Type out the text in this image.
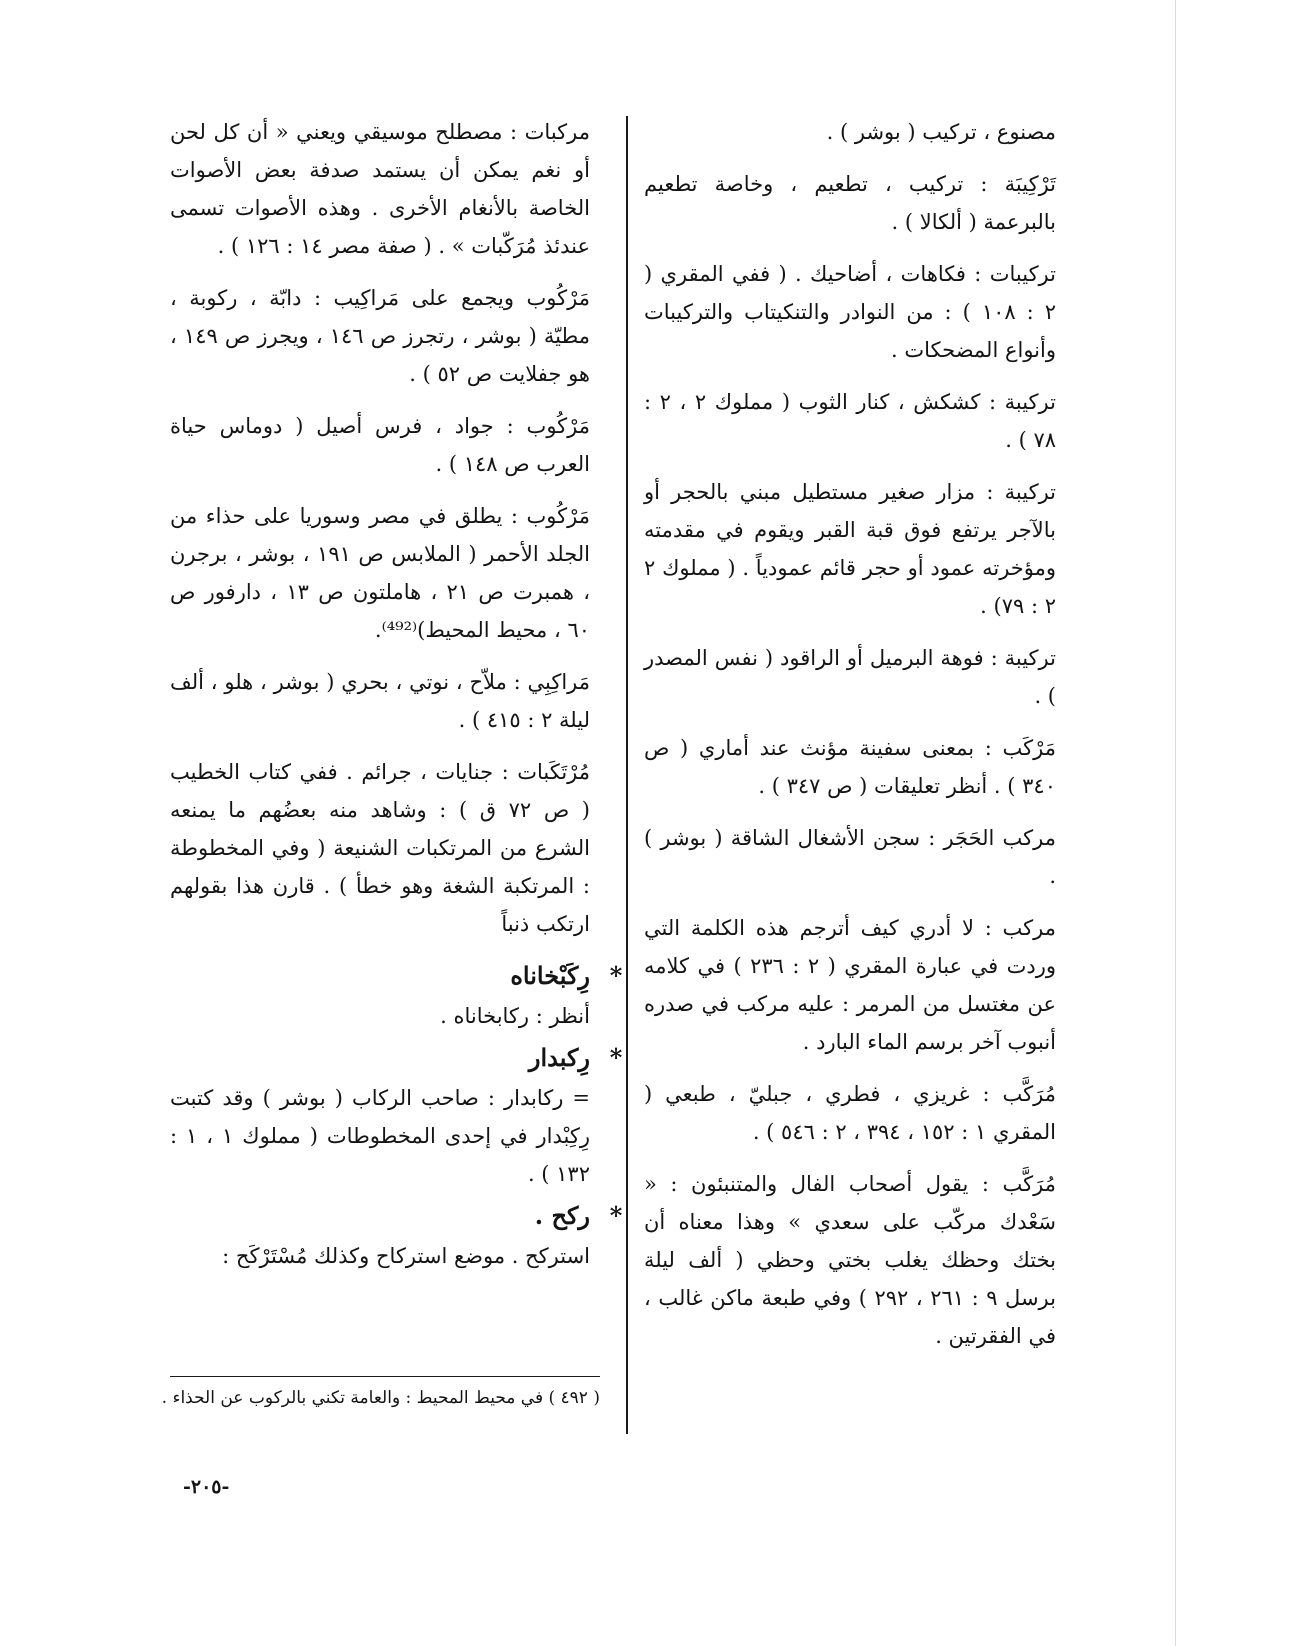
مصنوع ، تركيب ( بوشر ) .

تَرْكِيبَة : تركيب ، تطعيم ، وخاصة تطعيم بالبرعمة ( ألكالا ) .

تركيبات : فكاهات ، أضاحيك . ( ففي المقري ( ٢ : ١٠٨ ) : من النوادر والتنكيتاب والتركيبات وأنواع المضحكات .

تركيبة : كشكش ، كنار الثوب ( مملوك ٢ ، ٢ : ٧٨ ) .

تركيبة : مزار صغير مستطيل مبني بالحجر أو بالآجر يرتفع فوق قبة القبر ويقوم في مقدمته ومؤخرته عمود أو حجر قائم عمودياً . ( مملوك ٢ ٢ : ٧٩) .

تركيبة : فوهة البرميل أو الراقود ( نفس المصدر ) .

مَرْكَب : بمعنى سفينة مؤنث عند أماري ( ص ٣٤٠ ) . أنظر تعليقات ( ص ٣٤٧ ) .

مركب الحَجَر : سجن الأشغال الشاقة ( بوشر ) .

مركب : لا أدري كيف أترجم هذه الكلمة التي وردت في عبارة المقري ( ٢ : ٢٣٦ ) في كلامه عن مغتسل من المرمر : عليه مركب في صدره أنبوب آخر برسم الماء البارد .

مُرَكَّب : غريزي ، فطري ، جبليّ ، طبعي ( المقري ١ : ١٥٢ ، ٣٩٤ ، ٢ : ٥٤٦ ) .

مُرَكَّب : يقول أصحاب الفال والمتنبئون : « سَعْدك مركّب على سعدي » وهذا معناه أن بختك وحظك يغلب بختي وحظي ( ألف ليلة برسل ٩ : ٢٦١ ، ٢٩٢ ) وفي طبعة ماكن غالب ، في الفقرتين .

مركبات : مصطلح موسيقي ويعني « أن كل لحن أو نغم يمكن أن يستمد صدفة بعض الأصوات الخاصة بالأنغام الأخرى . وهذه الأصوات تسمى عندئذ مُرَكّبات » . ( صفة مصر ١٤ : ١٢٦ ) .

مَرْكُوب ويجمع على مَراكِيب : دابّة ، ركوبة ، مطيّة ( بوشر ، رتجرز ص ١٤٦ ، ويجرز ص ١٤٩ ، هو جفلايت ص ٥٢ ) .

مَرْكُوب : جواد ، فرس أصيل ( دوماس حياة العرب ص ١٤٨ ) .

مَرْكُوب : يطلق في مصر وسوريا على حذاء من الجلد الأحمر ( الملابس ص ١٩١ ، بوشر ، برجرن ، همبرت ص ٢١ ، هاملتون ص ١٣ ، دارفور ص ٦٠ ، محيط المحيط)⁽⁴⁹²⁾.

مَراكِبِي : ملاّح ، نوتي ، بحري ( بوشر ، هلو ، ألف ليلة ٢ : ٤١٥ ) .

مُرْتَكَبات : جنايات ، جرائم . ففي كتاب الخطيب ( ص ٧٢ ق ) : وشاهد منه بعضُهم ما يمنعه الشرع من المرتكبات الشنيعة ( وفي المخطوطة : المرتكبة الشغة وهو خطأ ) . قارن هذا بقولهم ارتكب ذنباً

*
رِكَبْخاناه

أنظر : ركابخاناه .

*
رِكبدار

= ركابدار : صاحب الركاب ( بوشر ) وقد كتبت رِكِبْدار في إحدى المخطوطات ( مملوك ١ ، ١ : ١٣٢ ) .

*
ركح .

استركح . موضع استركاح وكذلك مُسْتَرْكَح :

( ٤٩٢ ) في محيط المحيط : والعامة تكني بالركوب عن الحذاء .
-٢٠٥-
